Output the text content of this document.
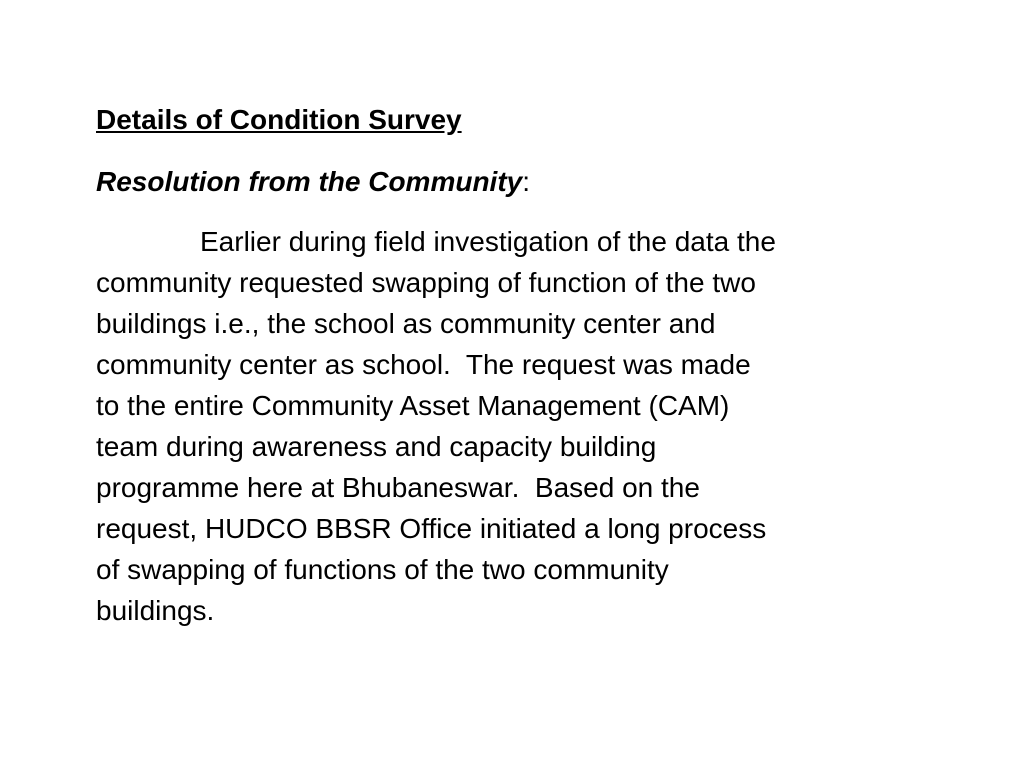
Details of Condition Survey

Resolution from the Community:

Earlier during field investigation of the data the
community requested swapping of function of the two
buildings i.e., the school as community center and
community center as school.  The request was made
to the entire Community Asset Management (CAM)
team during awareness and capacity building
programme here at Bhubaneswar.  Based on the
request, HUDCO BBSR Office initiated a long process
of swapping of functions of the two community
buildings.
